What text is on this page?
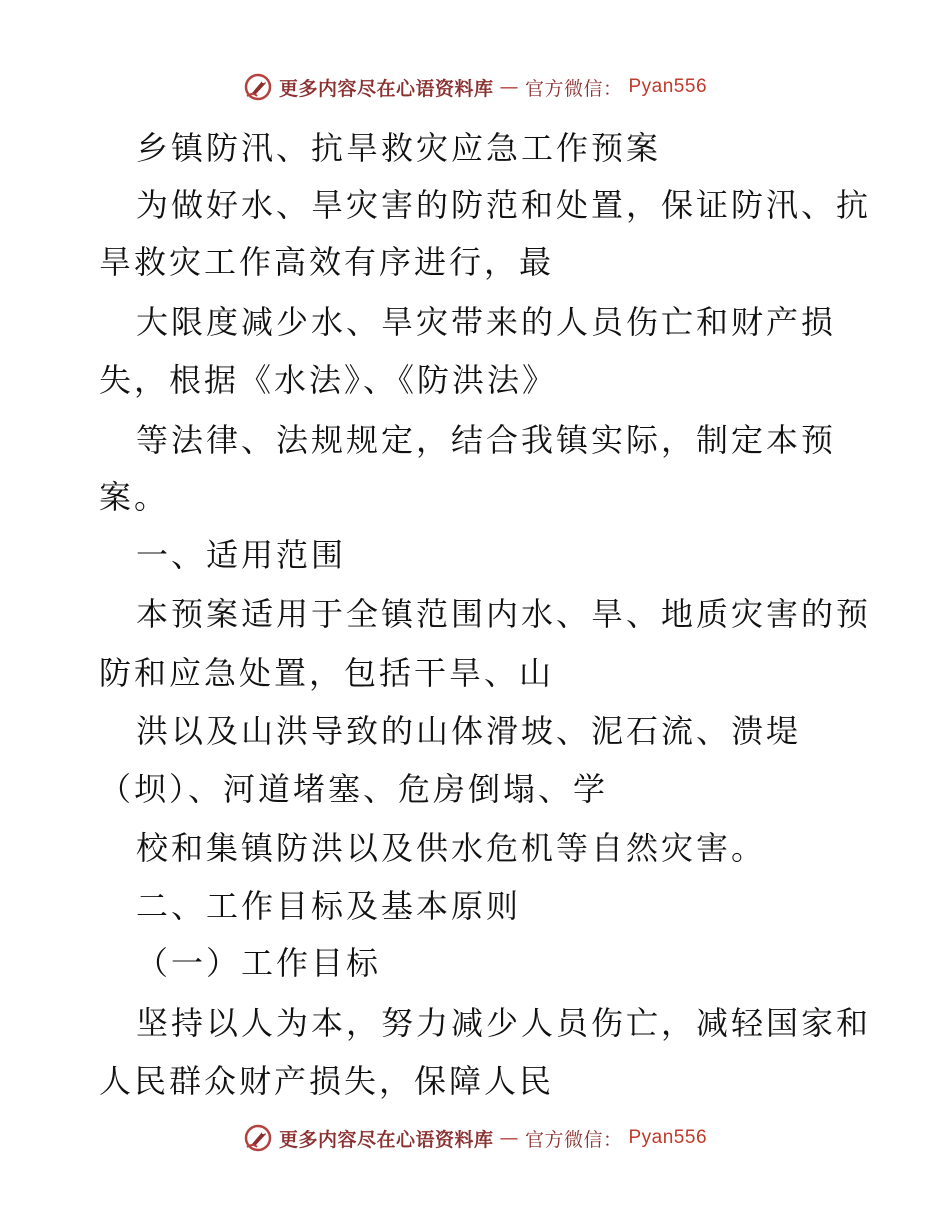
更多内容尽在心语资料库 — 官方微信： Pyan556
乡镇防汛、抗旱救灾应急工作预案
为做好水、旱灾害的防范和处置，保证防汛、抗
旱救灾工作高效有序进行，最
大限度减少水、旱灾带来的人员伤亡和财产损
失，根据《水法》、《防洪法》
等法律、法规规定，结合我镇实际，制定本预
案。
一、适用范围
本预案适用于全镇范围内水、旱、地质灾害的预
防和应急处置，包括干旱、山
洪以及山洪导致的山体滑坡、泥石流、溃堤
（坝）、河道堵塞、危房倒塌、学
校和集镇防洪以及供水危机等自然灾害。
二、工作目标及基本原则
（一）工作目标
坚持以人为本，努力减少人员伤亡，减轻国家和
人民群众财产损失，保障人民
更多内容尽在心语资料库 — 官方微信： Pyan556
